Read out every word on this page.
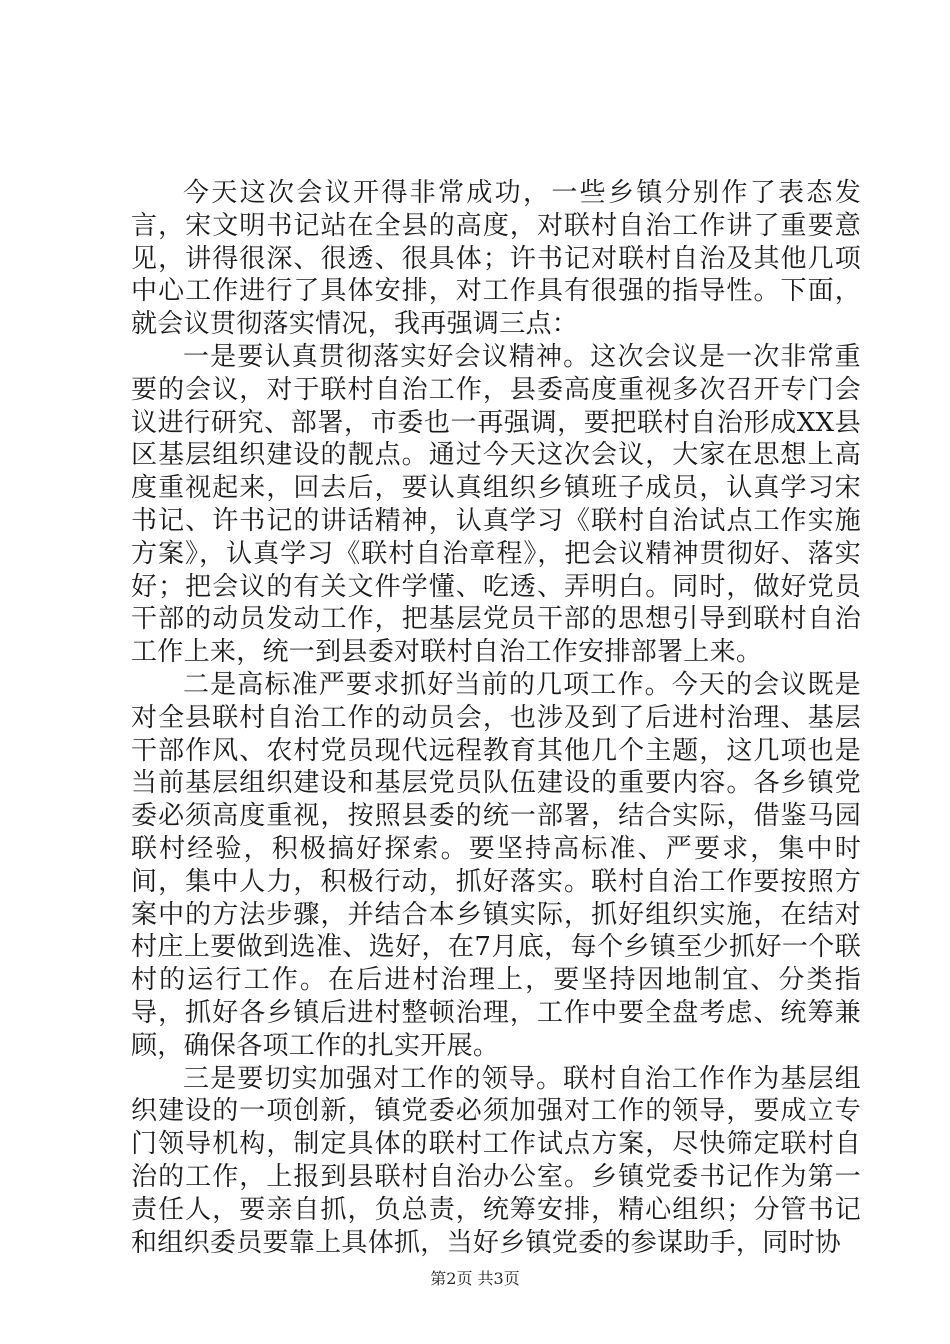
今天这次会议开得非常成功，一些乡镇分别作了表态发言，宋文明书记站在全县的高度，对联村自治工作讲了重要意见，讲得很深、很透、很具体；许书记对联村自治及其他几项中心工作进行了具体安排，对工作具有很强的指导性。下面，就会议贯彻落实情况，我再强调三点：

一是要认真贯彻落实好会议精神。这次会议是一次非常重要的会议，对于联村自治工作，县委高度重视多次召开专门会议进行研究、部署，市委也一再强调，要把联村自治形成XX县区基层组织建设的靓点。通过今天这次会议，大家在思想上高度重视起来，回去后，要认真组织乡镇班子成员，认真学习宋书记、许书记的讲话精神，认真学习《联村自治试点工作实施方案》，认真学习《联村自治章程》，把会议精神贯彻好、落实好；把会议的有关文件学懂、吃透、弄明白。同时，做好党员干部的动员发动工作，把基层党员干部的思想引导到联村自治工作上来，统一到县委对联村自治工作安排部署上来。

二是高标准严要求抓好当前的几项工作。今天的会议既是对全县联村自治工作的动员会，也涉及到了后进村治理、基层干部作风、农村党员现代远程教育其他几个主题，这几项也是当前基层组织建设和基层党员队伍建设的重要内容。各乡镇党委必须高度重视，按照县委的统一部署，结合实际，借鉴马园联村经验，积极搞好探索。要坚持高标准、严要求，集中时间，集中人力，积极行动，抓好落实。联村自治工作要按照方案中的方法步骤，并结合本乡镇实际，抓好组织实施，在结对村庄上要做到选准、选好，在7月底，每个乡镇至少抓好一个联村的运行工作。在后进村治理上，要坚持因地制宜、分类指导，抓好各乡镇后进村整顿治理，工作中要全盘考虑、统筹兼顾，确保各项工作的扎实开展。

三是要切实加强对工作的领导。联村自治工作作为基层组织建设的一项创新，镇党委必须加强对工作的领导，要成立专门领导机构，制定具体的联村工作试点方案，尽快筛定联村自治的工作，上报到县联村自治办公室。乡镇党委书记作为第一责任人，要亲自抓，负总责，统筹安排，精心组织；分管书记和组织委员要靠上具体抓，当好乡镇党委的参谋助手，同时协

第2页 共3页
